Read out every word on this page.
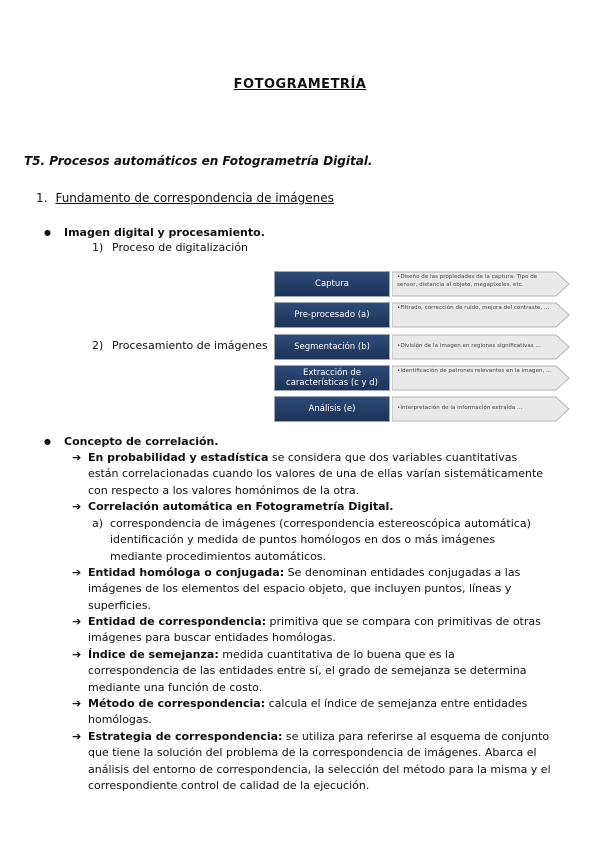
FOTOGRAMETRÍA
T5. Procesos automáticos en Fotogrametría Digital.
1. Fundamento de correspondencia de imágenes
● Imagen digital y procesamiento.
1) Proceso de digitalización
2) Procesamiento de imágenes
Captura
• Diseño de las propiedades de la captura. Tipo de sensor, distancia al objeto, megapíxeles, etc.
Pre-procesado (a)
• Filtrado, corrección de ruido, mejora del contraste, ...
Segmentación (b)	• División de la imagen en regiones significativas ...
Extracción de características (c y d)
• Identificación de patrones relevantes en la imagen, ...
Análisis (e)	• Interpretación de la información extraída ...
● Concepto de correlación.
➔ En probabilidad y estadística se considera que dos variables cuantitativas están correlacionadas cuando los valores de una de ellas varían sistemáticamente con respecto a los valores homónimos de la otra.
➔ Correlación automática en Fotogrametría Digital.
a) correspondencia de imágenes (correspondencia estereoscópica automática) identificación y medida de puntos homólogos en dos o más imágenes mediante procedimientos automáticos.
➔ Entidad homóloga o conjugada: Se denominan entidades conjugadas a las imágenes de los elementos del espacio objeto, que incluyen puntos, líneas y superficies.
➔ Entidad de correspondencia: primitiva que se compara con primitivas de otras imágenes para buscar entidades homólogas.
➔ Índice de semejanza: medida cuantitativa de lo buena que es la correspondencia de las entidades entre sí, el grado de semejanza se determina mediante una función de costo.
➔ Método de correspondencia: calcula el índice de semejanza entre entidades homólogas.
➔ Estrategia de correspondencia: se utiliza para referirse al esquema de conjunto que tiene la solución del problema de la correspondencia de imágenes. Abarca el análisis del entorno de correspondencia, la selección del método para la misma y el correspondiente control de calidad de la ejecución.
